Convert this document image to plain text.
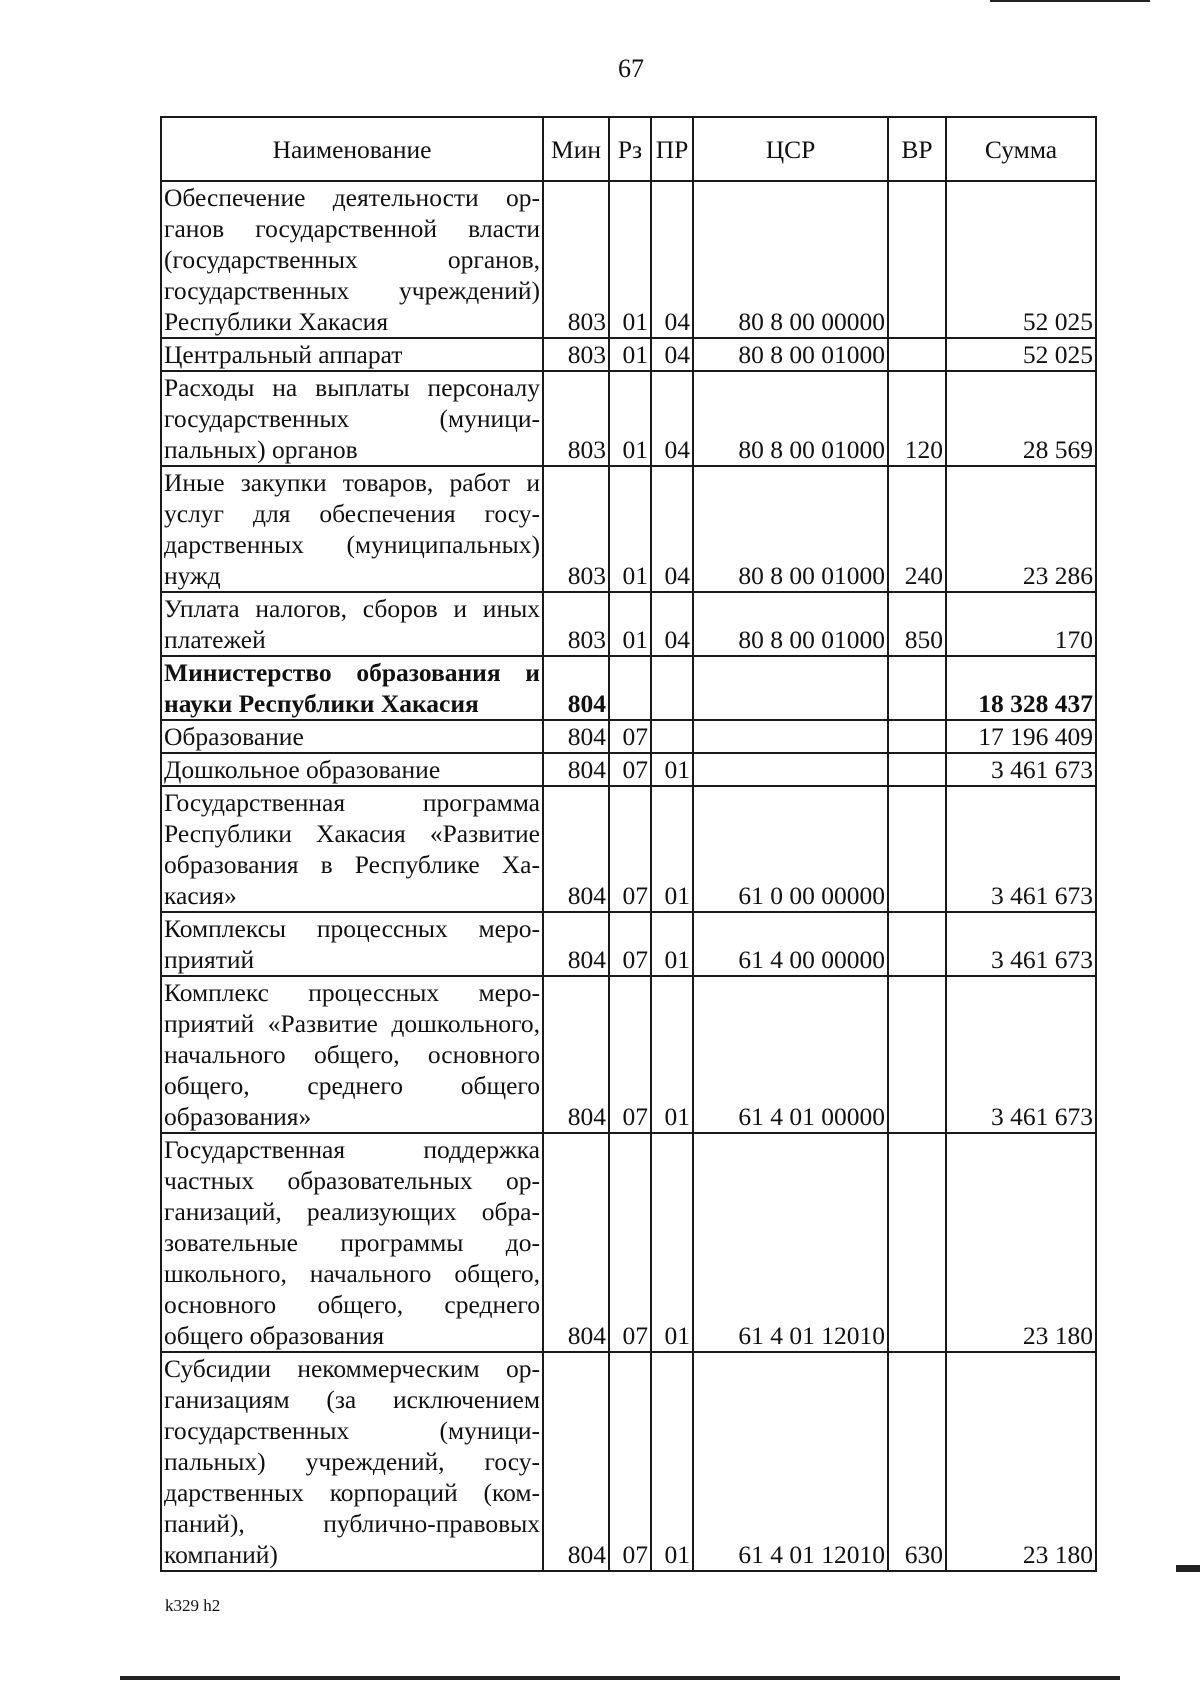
67
Наименование	Мин	Рз	ПР	ЦСР	ВР	Сумма
Обеспечение деятельности органов государственной власти (государственных органов, государственных учреждений) Республики Хакасия	803	01	04	80 8 00 00000		52 025
Центральный аппарат	803	01	04	80 8 00 01000		52 025
Расходы на выплаты персоналу государственных (муниципальных) органов	803	01	04	80 8 00 01000	120	28 569
Иные закупки товаров, работ и услуг для обеспечения государственных (муниципальных) нужд	803	01	04	80 8 00 01000	240	23 286
Уплата налогов, сборов и иных платежей	803	01	04	80 8 00 01000	850	170
Министерство образования и науки Республики Хакасия	804					18 328 437
Образование	804	07				17 196 409
Дошкольное образование	804	07	01			3 461 673
Государственная программа Республики Хакасия «Развитие образования в Республике Хакасия»	804	07	01	61 0 00 00000		3 461 673
Комплексы процессных мероприятий	804	07	01	61 4 00 00000		3 461 673
Комплекс процессных мероприятий «Развитие дошкольного, начального общего, основного общего, среднего общего образования»	804	07	01	61 4 01 00000		3 461 673
Государственная поддержка частных образовательных организаций, реализующих образовательные программы дошкольного, начального общего, основного общего, среднего общего образования	804	07	01	61 4 01 12010		23 180
Субсидии некоммерческим организациям (за исключением государственных (муниципальных) учреждений, государственных корпораций (компаний), публично-правовых компаний)	804	07	01	61 4 01 12010	630	23 180
k329 h2
